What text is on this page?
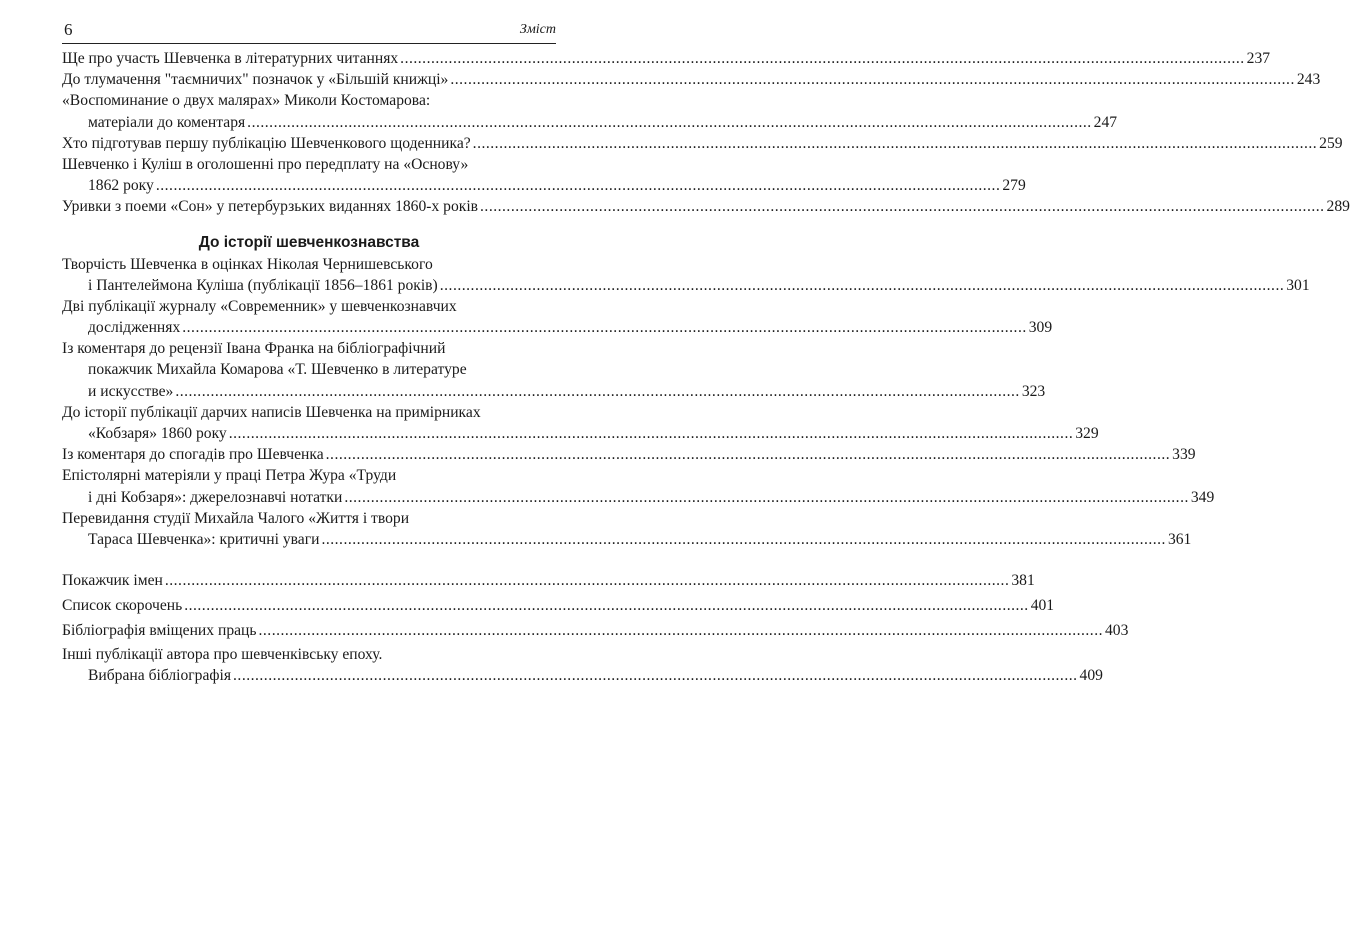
6	Зміст
Ще про участь Шевченка в літературних читаннях .....	237
До тлумачення "таємничих" позначок у «Більшій книжці» .....	243
«Воспоминание о двух малярах» Миколи Костомарова:
матеріали до коментаря .....	247
Хто підготував першу публікацію Шевченкового щоденника? .....	259
Шевченко і Куліш в оголошенні про передплату на «Основу»
1862 року .....	279
Уривки з поеми «Сон» у петербурзьких виданнях 1860-х років .....	289
До історії шевченкознавства
Творчість Шевченка в оцінках Ніколая Чернишевського
і Пантелеймона Куліша (публікації 1856–1861 років) .....	301
Дві публікації журналу «Современник» у шевченкознавчих
дослідженнях .....	309
Із коментаря до рецензії Івана Франка на бібліографічний
покажчик Михайла Комарова «Т. Шевченко в литературе
и искусстве» .....	323
До історії публікації дарчих написів Шевченка на примірниках
«Кобзаря» 1860 року .....	329
Із коментаря до спогадів про Шевченка .....	339
Епістолярні матеріяли у праці Петра Жура «Труди
і дні Кобзаря»: джерелознавчі нотатки .....	349
Перевидання студії Михайла Чалого «Життя і твори
Тараса Шевченка»: критичні уваги .....	361
Покажчик імен .....	381
Список скорочень .....	401
Бібліографія вміщених праць .....	403
Інші публікації автора про шевченківську епоху.
Вибрана бібліографія .....	409
